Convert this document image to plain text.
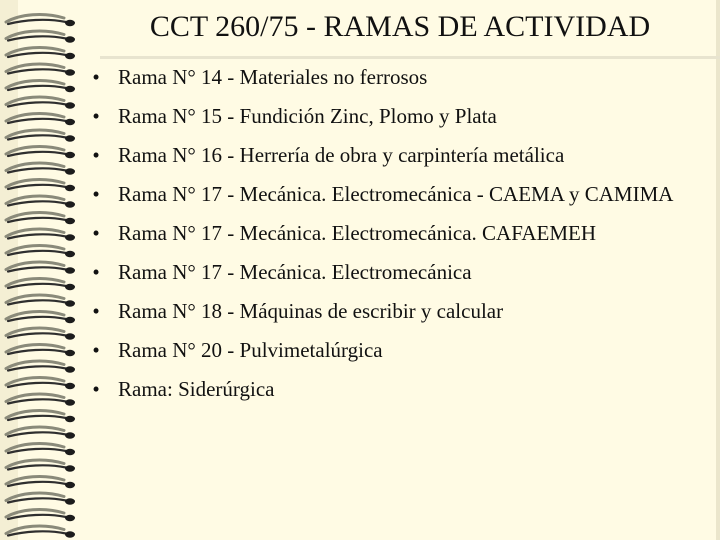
CCT 260/75 - RAMAS DE ACTIVIDAD
• Rama N° 14 - Materiales no ferrosos
• Rama N° 15 - Fundición Zinc, Plomo y Plata
• Rama N° 16 - Herrería de obra y carpintería metálica
• Rama N° 17 - Mecánica. Electromecánica - CAEMA y CAMIMA
• Rama N° 17 - Mecánica. Electromecánica. CAFAEMEH
• Rama N° 17 - Mecánica. Electromecánica
• Rama N° 18 - Máquinas de escribir y calcular
• Rama N° 20 - Pulvimetalúrgica
• Rama: Siderúrgica
